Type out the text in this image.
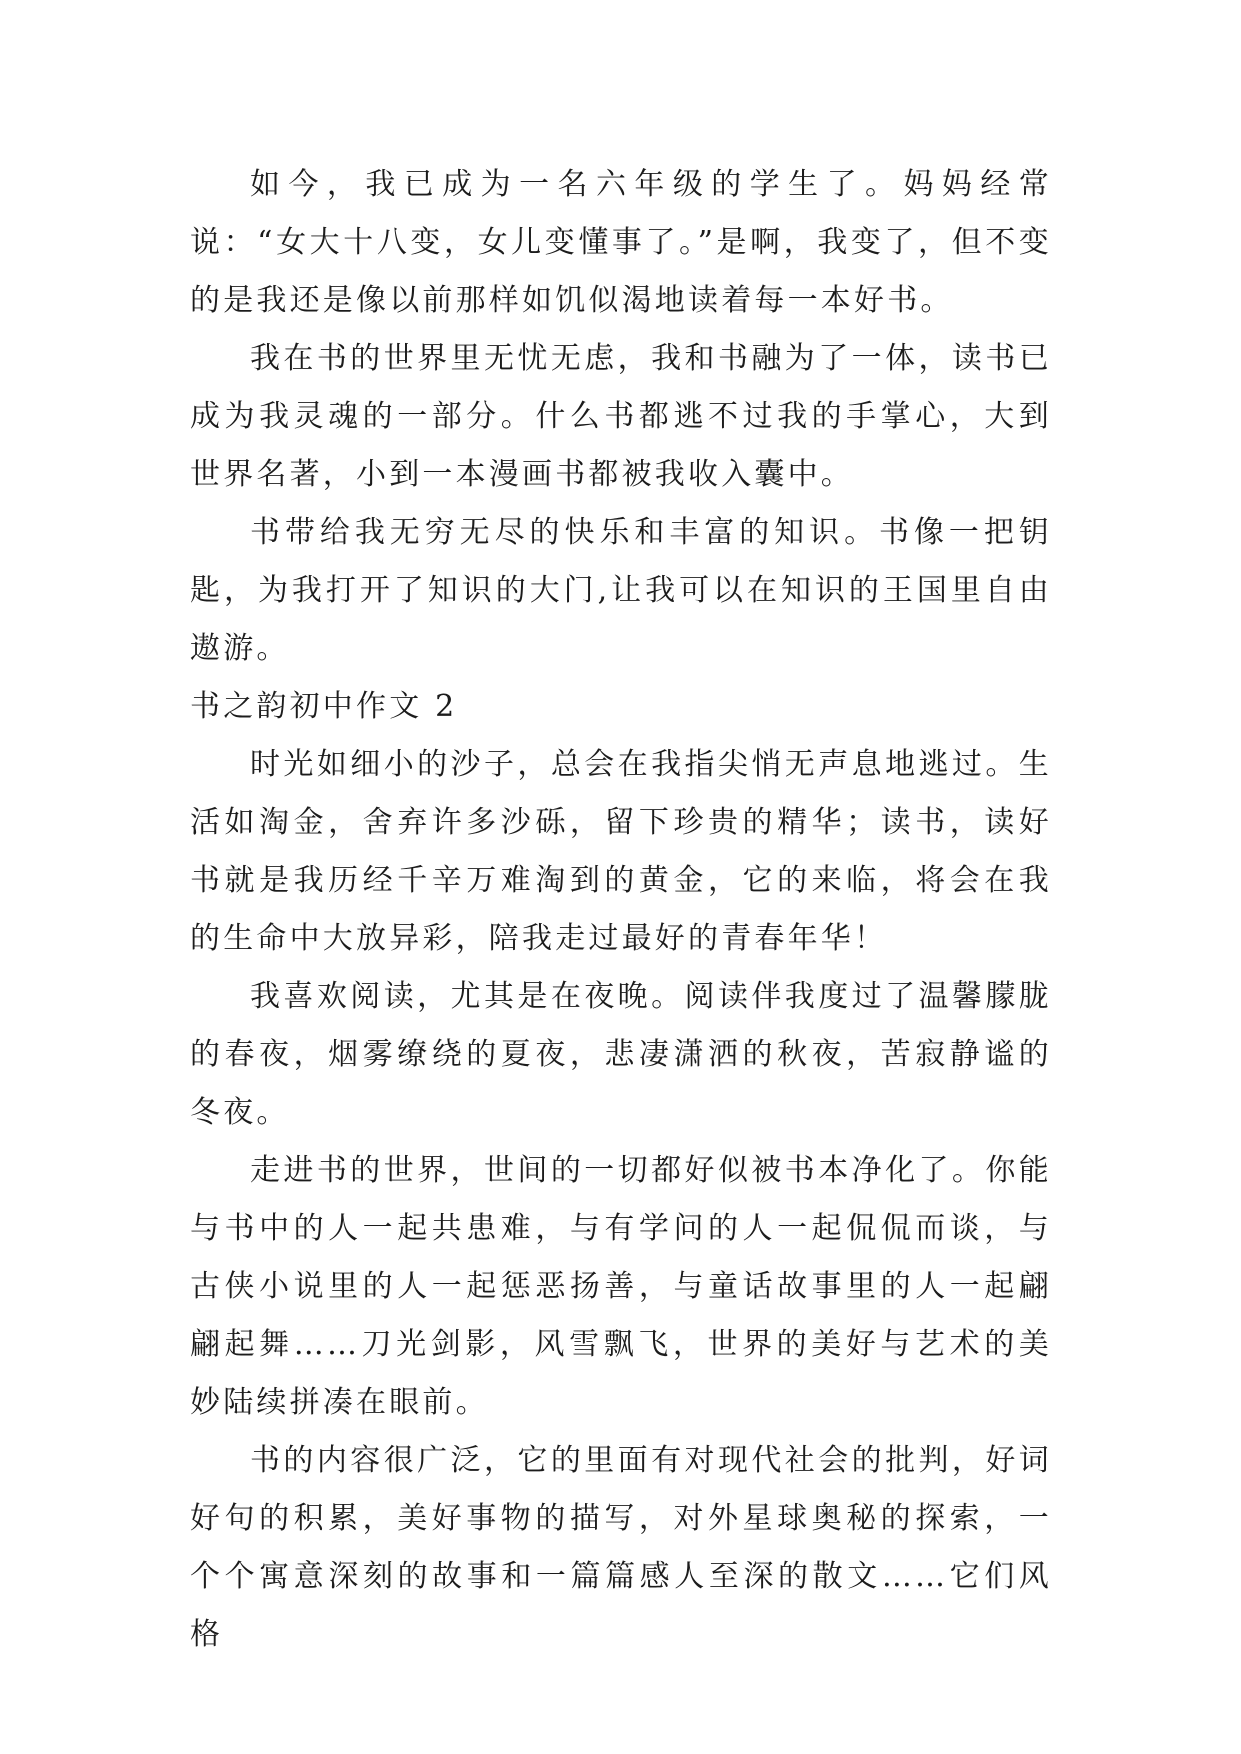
如今，我已成为一名六年级的学生了。妈妈经常说：“女大十八变，女儿变懂事了。”是啊，我变了，但不变的是我还是像以前那样如饥似渴地读着每一本好书。

我在书的世界里无忧无虑，我和书融为了一体，读书已成为我灵魂的一部分。什么书都逃不过我的手掌心，大到世界名著，小到一本漫画书都被我收入囊中。

书带给我无穷无尽的快乐和丰富的知识。书像一把钥匙，为我打开了知识的大门,让我可以在知识的王国里自由遨游。

书之韵初中作文 2

时光如细小的沙子，总会在我指尖悄无声息地逃过。生活如淘金，舍弃许多沙砾，留下珍贵的精华；读书，读好书就是我历经千辛万难淘到的黄金，它的来临，将会在我的生命中大放异彩，陪我走过最好的青春年华！

我喜欢阅读，尤其是在夜晚。阅读伴我度过了温馨朦胧的春夜，烟雾缭绕的夏夜，悲凄潇洒的秋夜，苦寂静谧的冬夜。

走进书的世界，世间的一切都好似被书本净化了。你能与书中的人一起共患难，与有学问的人一起侃侃而谈，与古侠小说里的人一起惩恶扬善，与童话故事里的人一起翩翩起舞……刀光剑影，风雪飘飞，世界的美好与艺术的美妙陆续拼凑在眼前。

书的内容很广泛，它的里面有对现代社会的批判，好词好句的积累，美好事物的描写，对外星球奥秘的探索，一个个寓意深刻的故事和一篇篇感人至深的散文……它们风格
